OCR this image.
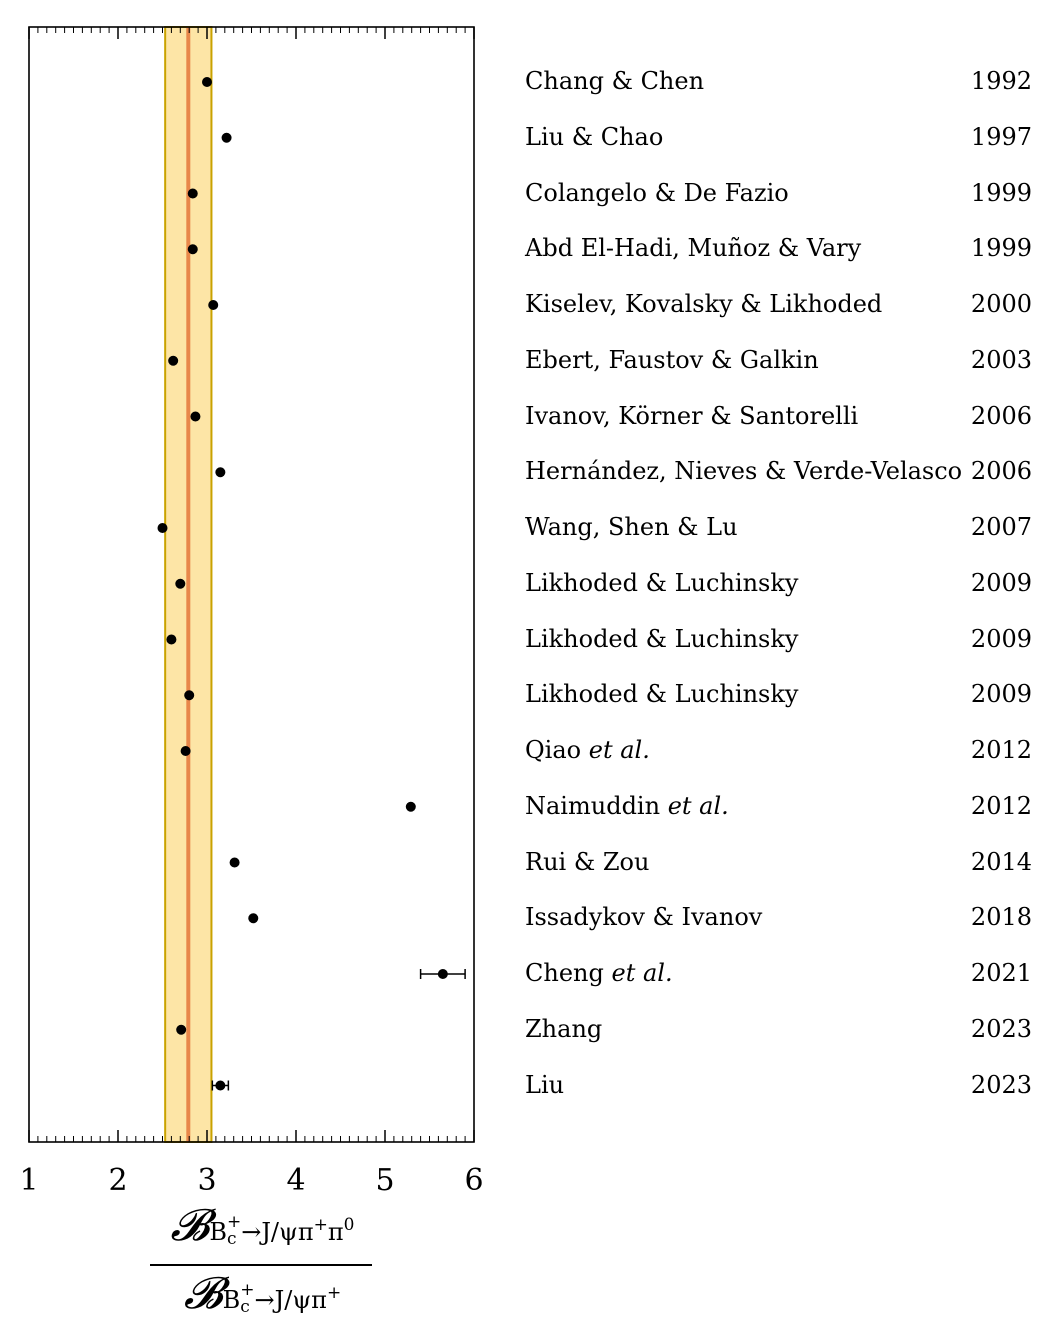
1 2 3 4 5 6
Chang & Chen	1992
Liu & Chao	1997
Colangelo & De Fazio	1999
Abd El-Hadi, Muñoz & Vary	1999
Kiselev, Kovalsky & Likhoded	2000
Ebert, Faustov & Galkin	2003
Ivanov, Körner & Santorelli	2006
Hernández, Nieves & Verde-Velasco 2006
Wang, Shen & Lu	2007
Likhoded & Luchinsky	2009
Likhoded & Luchinsky	2009
Likhoded & Luchinsky	2009
Qiao et al.	2012
Naimuddin et al.	2012
Rui & Zou	2014
Issadykov & Ivanov	2018
Cheng et al.	2021
Zhang	2023
Liu	2023
𝓑B +
$c \to J/\psi\pi^+\pi^0$
𝓑B +
c →J/ψπ+
